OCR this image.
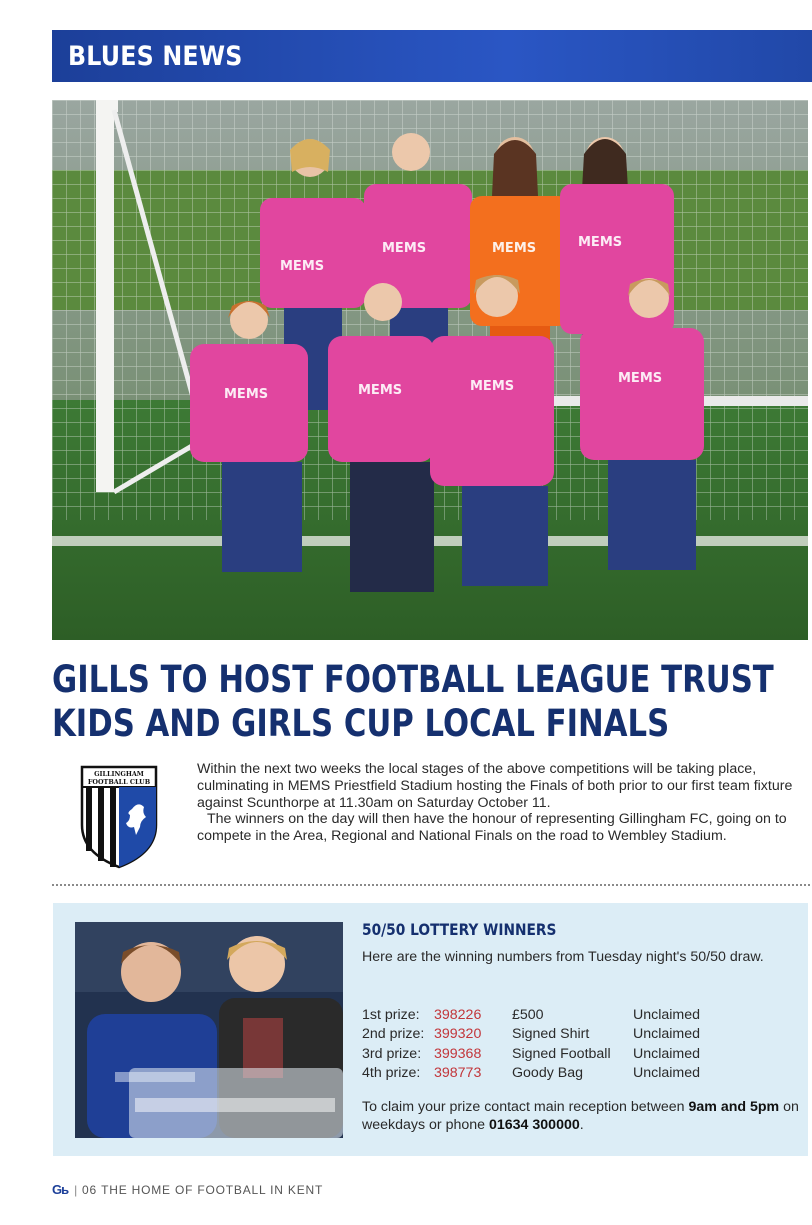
BLUES NEWS
MEMS
MEMS	MEMS	MEMS
MEMS	MEMS	MEMS
MEMS
GILLS TO HOST FOOTBALL LEAGUE TRUST
KIDS AND GIRLS CUP LOCAL FINALS
GILLINGHAM
FOOTBALL CLUB

Within the next two weeks the local stages of the above competitions will be taking place, culminating in MEMS Priestfield Stadium hosting the Finals of both prior to our first team fixture against Scunthorpe at 11.30am on Saturday October 11.

The winners on the day will then have the honour of representing Gillingham FC, going on to compete in the Area, Regional and National Finals on the road to Wembley Stadium.

50/50 LOTTERY WINNERS
Here are the winning numbers from Tuesday night's 50/50 draw.
1st prize:	398226	£500	Unclaimed
2nd prize:	399320	Signed Shirt	Unclaimed
3rd prize:	399368	Signed Football	Unclaimed
4th prize:	398773	Goody Bag	Unclaimed
To claim your prize contact main reception between 9am and 5pm on weekdays or phone 01634 300000.
Gь | 06
THE HOME OF FOOTBALL IN KENT
